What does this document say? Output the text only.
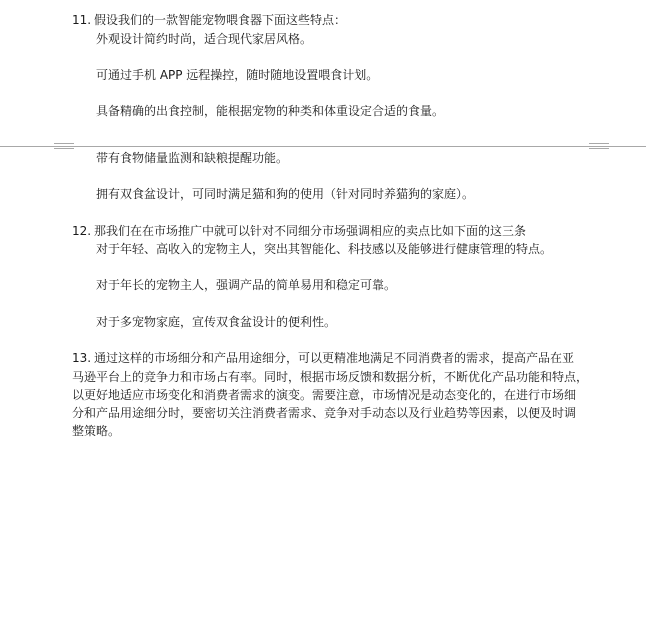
11. 假设我们的一款智能宠物喂食器下面这些特点：
外观设计简约时尚，适合现代家居风格。
可通过手机 APP 远程操控，随时随地设置喂食计划。
具备精确的出食控制，能根据宠物的种类和体重设定合适的食量。
带有食物储量监测和缺粮提醒功能。
拥有双食盆设计，可同时满足猫和狗的使用（针对同时养猫狗的家庭）。
12. 那我们在在市场推广中就可以针对不同细分市场强调相应的卖点比如下面的这三条
对于年轻、高收入的宠物主人，突出其智能化、科技感以及能够进行健康管理的特点。
对于年长的宠物主人，强调产品的简单易用和稳定可靠。
对于多宠物家庭，宣传双食盆设计的便利性。
13. 通过这样的市场细分和产品用途细分，可以更精准地满足不同消费者的需求，提高产品在亚
马逊平台上的竞争力和市场占有率。同时，根据市场反馈和数据分析，不断优化产品功能和特点，
以更好地适应市场变化和消费者需求的演变。需要注意，市场情况是动态变化的，在进行市场细
分和产品用途细分时，要密切关注消费者需求、竞争对手动态以及行业趋势等因素，以便及时调
整策略。
